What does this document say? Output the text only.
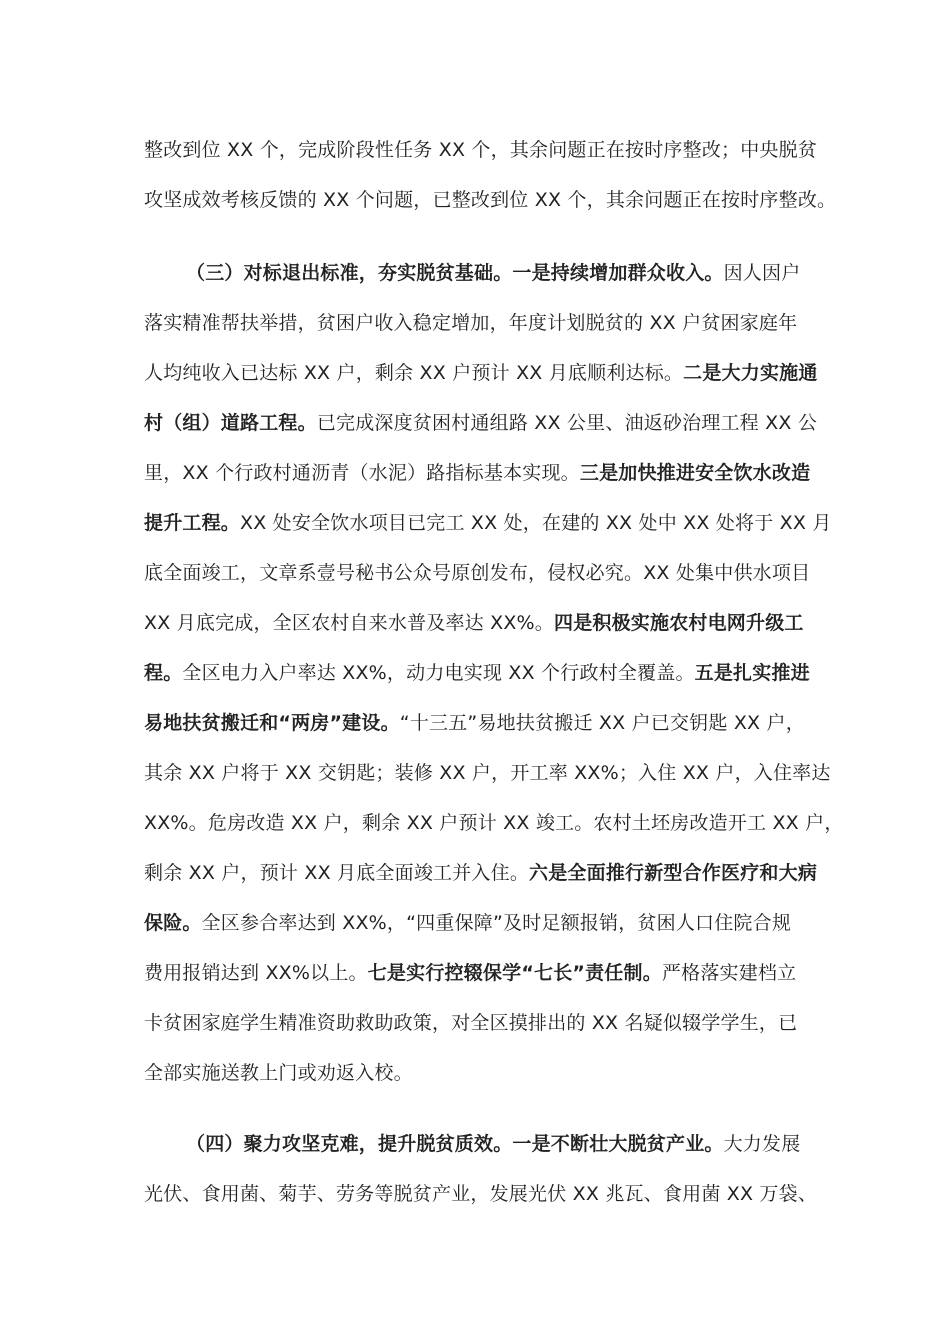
整改到位 XX 个，完成阶段性任务 XX 个，其余问题正在按时序整改；中央脱贫
攻坚成效考核反馈的 XX 个问题，已整改到位 XX 个，其余问题正在按时序整改。
（三）对标退出标准，夯实脱贫基础。一是持续增加群众收入。因人因户
落实精准帮扶举措，贫困户收入稳定增加，年度计划脱贫的 XX 户贫困家庭年
人均纯收入已达标 XX 户，剩余 XX 户预计 XX 月底顺利达标。二是大力实施通
村（组）道路工程。已完成深度贫困村通组路 XX 公里、油返砂治理工程 XX 公
里，XX 个行政村通沥青（水泥）路指标基本实现。三是加快推进安全饮水改造
提升工程。XX 处安全饮水项目已完工 XX 处，在建的 XX 处中 XX 处将于 XX 月
底全面竣工，文章系壹号秘书公众号原创发布，侵权必究。XX 处集中供水项目
XX 月底完成，全区农村自来水普及率达 XX%。四是积极实施农村电网升级工
程。全区电力入户率达 XX%，动力电实现 XX 个行政村全覆盖。五是扎实推进
易地扶贫搬迁和“两房”建设。“十三五”易地扶贫搬迁 XX 户已交钥匙 XX 户，
其余 XX 户将于 XX 交钥匙；装修 XX 户，开工率 XX%；入住 XX 户，入住率达
XX%。危房改造 XX 户，剩余 XX 户预计 XX 竣工。农村土坯房改造开工 XX 户，
剩余 XX 户，预计 XX 月底全面竣工并入住。六是全面推行新型合作医疗和大病
保险。全区参合率达到 XX%，“四重保障”及时足额报销，贫困人口住院合规
费用报销达到 XX%以上。七是实行控辍保学“七长”责任制。严格落实建档立
卡贫困家庭学生精准资助救助政策，对全区摸排出的 XX 名疑似辍学学生，已
全部实施送教上门或劝返入校。
（四）聚力攻坚克难，提升脱贫质效。一是不断壮大脱贫产业。大力发展
光伏、食用菌、菊芋、劳务等脱贫产业，发展光伏 XX 兆瓦、食用菌 XX 万袋、
